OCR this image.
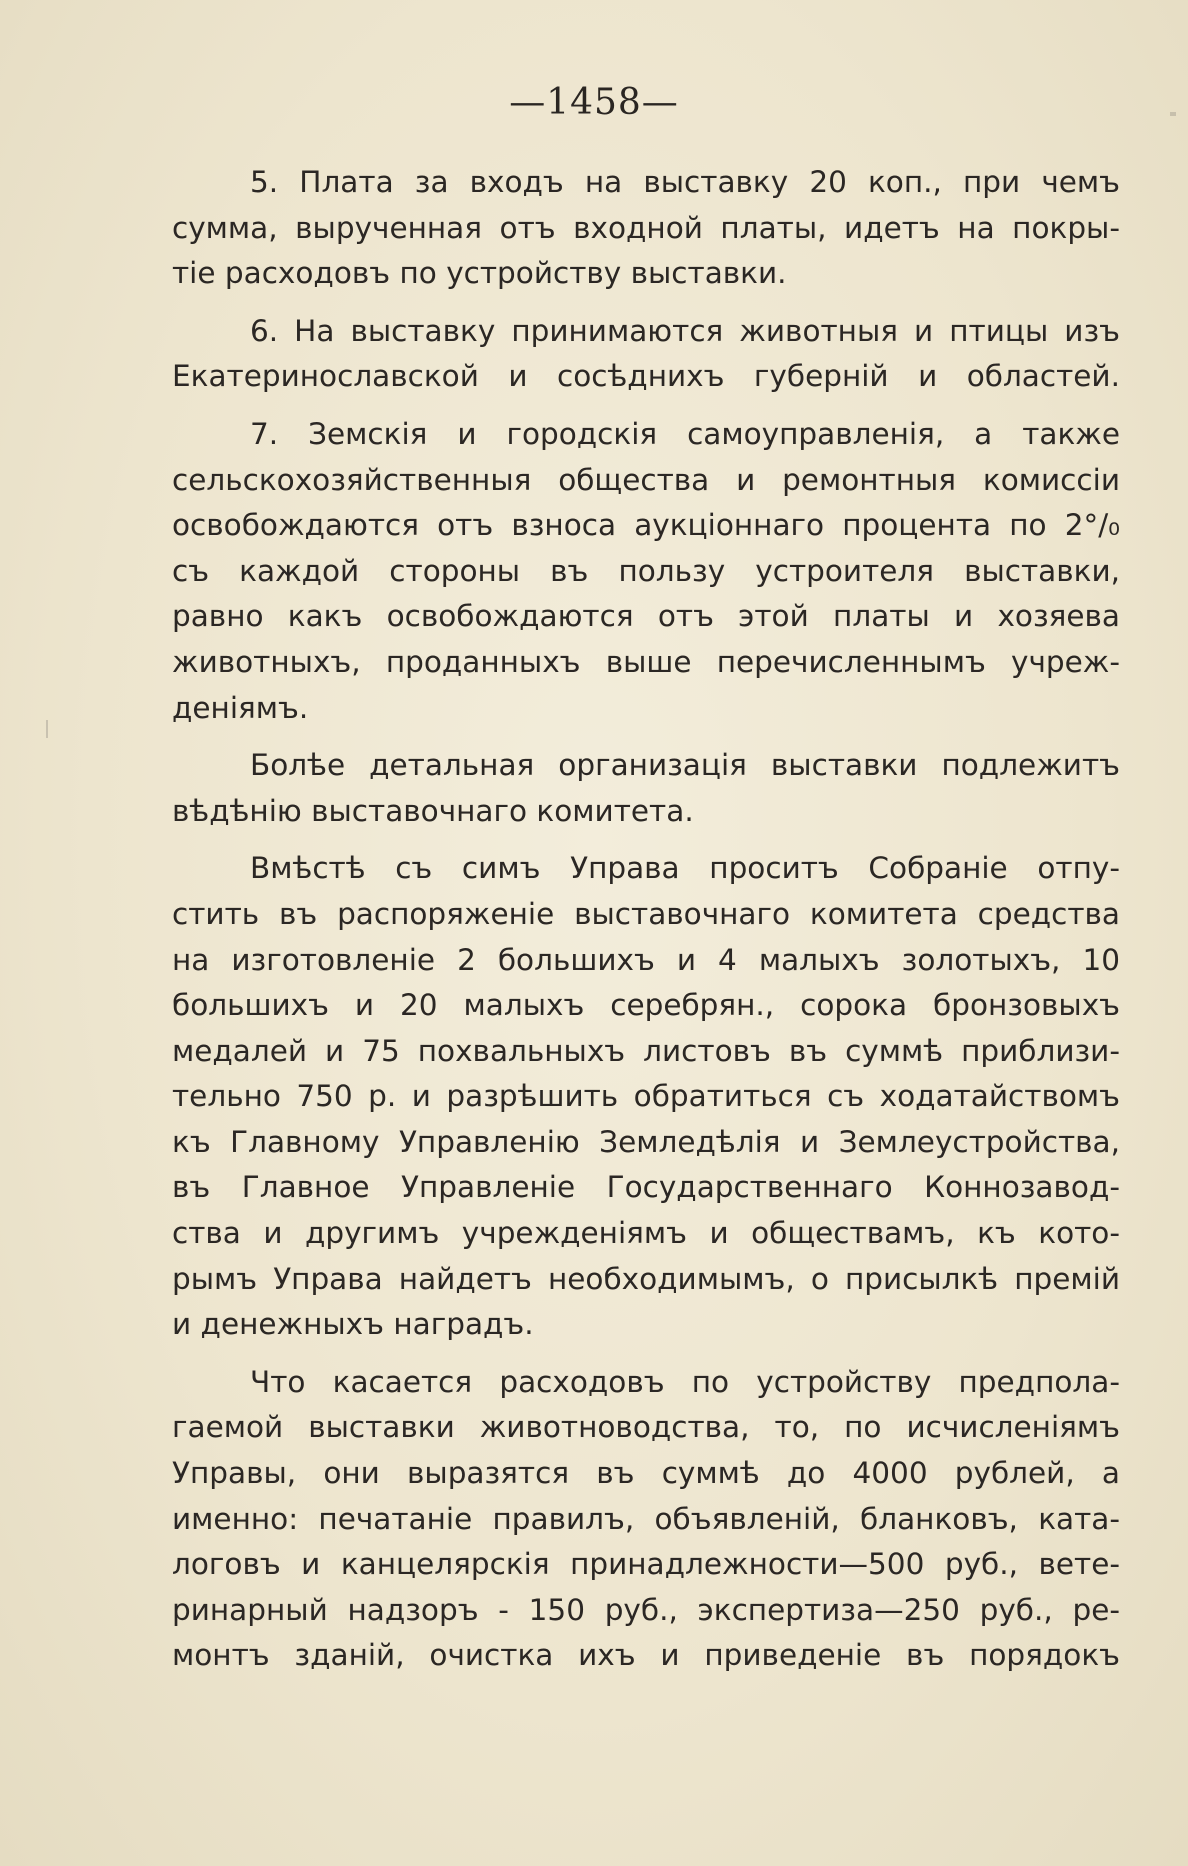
—1458—
5. Плата за входъ на выставку 20 коп., при чемъ
сумма, вырученная отъ входной платы, идетъ на покры-
тіе расходовъ по устройству выставки.
6. На выставку принимаются животныя и птицы изъ
Екатеринославской и сосѣднихъ губерній и областей.
7. Земскія и городскія самоуправленія, а также
сельскохозяйственныя общества и ремонтныя комиссіи
освобождаются отъ взноса аукціоннаго процента по 2°/₀
съ каждой стороны въ пользу устроителя выставки,
равно какъ освобождаются отъ этой платы и хозяева
животныхъ, проданныхъ выше перечисленнымъ учреж-
деніямъ.
Болѣе детальная организація выставки подлежитъ
вѣдѣнію выставочнаго комитета.
Вмѣстѣ съ симъ Управа проситъ Собраніе отпу-
стить въ распоряженіе выставочнаго комитета средства
на изготовленіе 2 большихъ и 4 малыхъ золотыхъ, 10
большихъ и 20 малыхъ серебрян., сорока бронзовыхъ
медалей и 75 похвальныхъ листовъ въ суммѣ приблизи-
тельно 750 р. и разрѣшить обратиться съ ходатайствомъ
къ Главному Управленію Земледѣлія и Землеустройства,
въ Главное Управленіе Государственнаго Коннозавод-
ства и другимъ учрежденіямъ и обществамъ, къ кото-
рымъ Управа найдетъ необходимымъ, о присылкѣ премій
и денежныхъ наградъ.
Что касается расходовъ по устройству предпола-
гаемой выставки животноводства, то, по исчисленіямъ
Управы, они выразятся въ суммѣ до 4000 рублей, а
именно: печатаніе правилъ, объявленій, бланковъ, ката-
логовъ и канцелярскія принадлежности—500 руб., вете-
ринарный надзоръ - 150 руб., экспертиза—250 руб., ре-
монтъ зданій, очистка ихъ и приведеніе въ порядокъ
